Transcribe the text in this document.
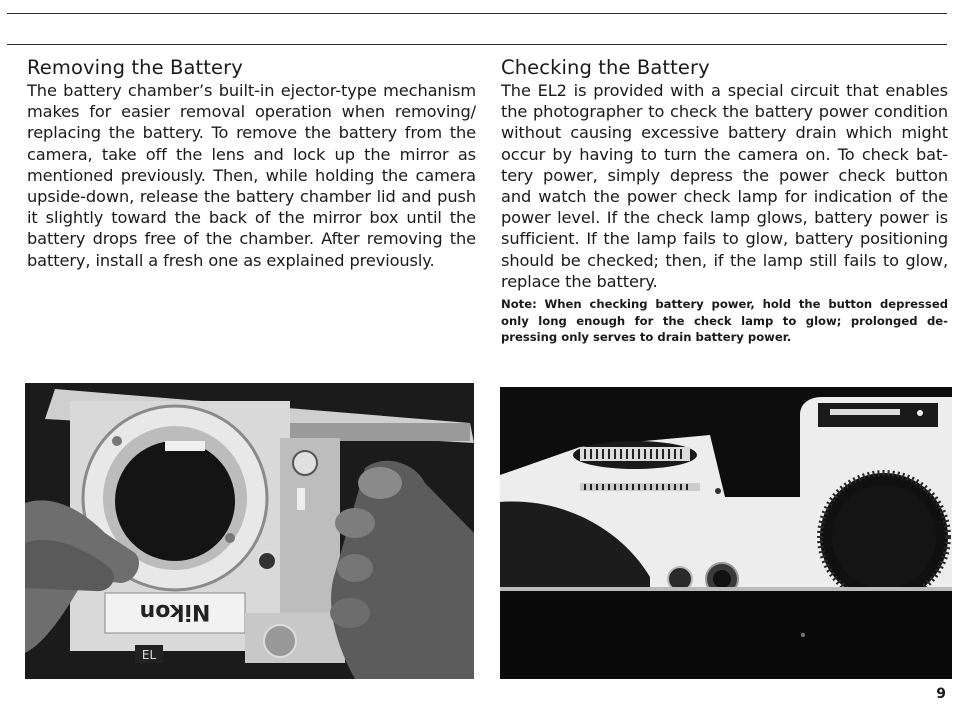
Removing the Battery

The battery chamber’s built-in ejector-type mechanism makes for easier removal operation when removing/ replacing the battery. To remove the battery from the camera, take off the lens and lock up the mirror as mentioned previously. Then, while holding the camera upside-down, release the battery chamber lid and push it slightly toward the back of the mirror box until the battery drops free of the chamber. After removing the battery, install a fresh one as explained previously.

Checking the Battery

The EL2 is provided with a special circuit that enables the photographer to check the battery power condition without causing excessive battery drain which might occur by having to turn the camera on. To check bat- tery power, simply depress the power check button and watch the power check lamp for indication of the power level. If the check lamp glows, battery power is sufficient. If the lamp fails to glow, battery positioning should be checked; then, if the lamp still fails to glow, replace the battery.

Note: When checking battery power, hold the button depressed only long enough for the check lamp to glow; prolonged de- pressing only serves to drain battery power.

Nikon
EL
9
